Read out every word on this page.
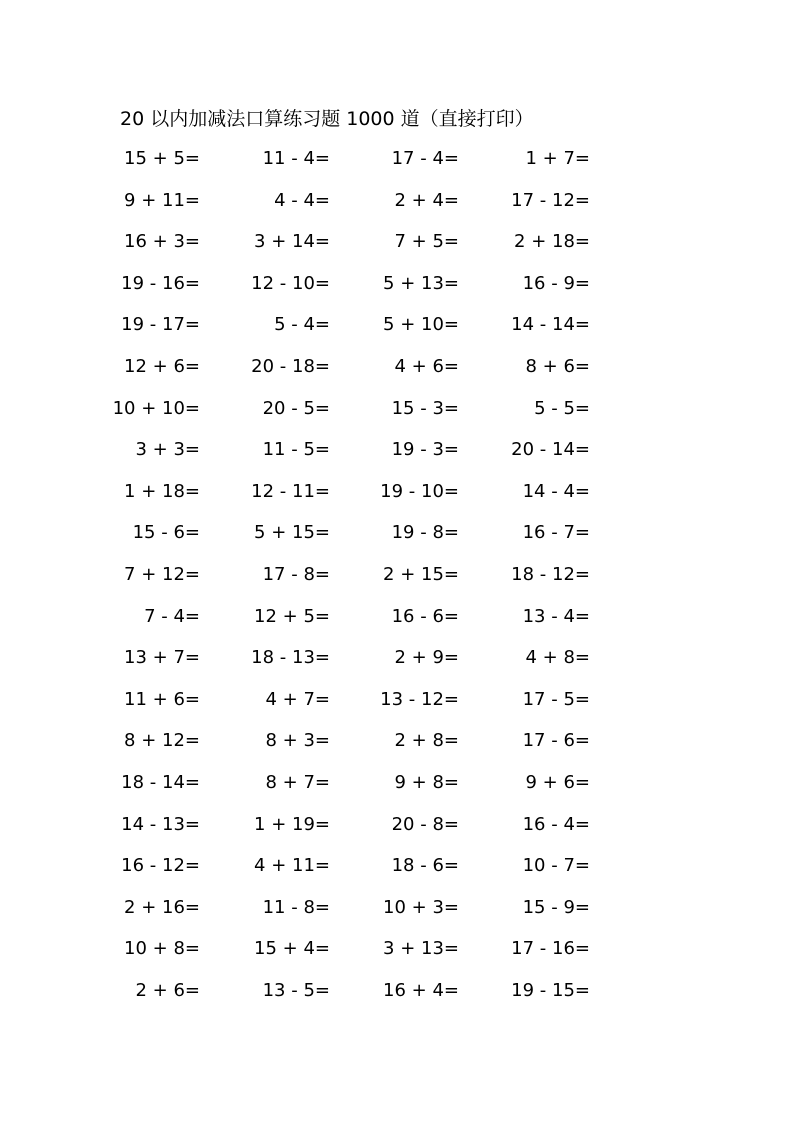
20 以内加减法口算练习题 1000 道（直接打印）
15 + 5=	11 - 4=	17 - 4=	1 + 7=
9 + 11=	4 - 4=	2 + 4=	17 - 12=
16 + 3=	3 + 14=	7 + 5=	2 + 18=
19 - 16=	12 - 10=	5 + 13=	16 - 9=
19 - 17=	5 - 4=	5 + 10=	14 - 14=
12 + 6=	20 - 18=	4 + 6=	8 + 6=
10 + 10=	20 - 5=	15 - 3=	5 - 5=
3 + 3=	11 - 5=	19 - 3=	20 - 14=
1 + 18=	12 - 11=	19 - 10=	14 - 4=
15 - 6=	5 + 15=	19 - 8=	16 - 7=
7 + 12=	17 - 8=	2 + 15=	18 - 12=
7 - 4=	12 + 5=	16 - 6=	13 - 4=
13 + 7=	18 - 13=	2 + 9=	4 + 8=
11 + 6=	4 + 7=	13 - 12=	17 - 5=
8 + 12=	8 + 3=	2 + 8=	17 - 6=
18 - 14=	8 + 7=	9 + 8=	9 + 6=
14 - 13=	1 + 19=	20 - 8=	16 - 4=
16 - 12=	4 + 11=	18 - 6=	10 - 7=
2 + 16=	11 - 8=	10 + 3=	15 - 9=
10 + 8=	15 + 4=	3 + 13=	17 - 16=
2 + 6=	13 - 5=	16 + 4=	19 - 15=
